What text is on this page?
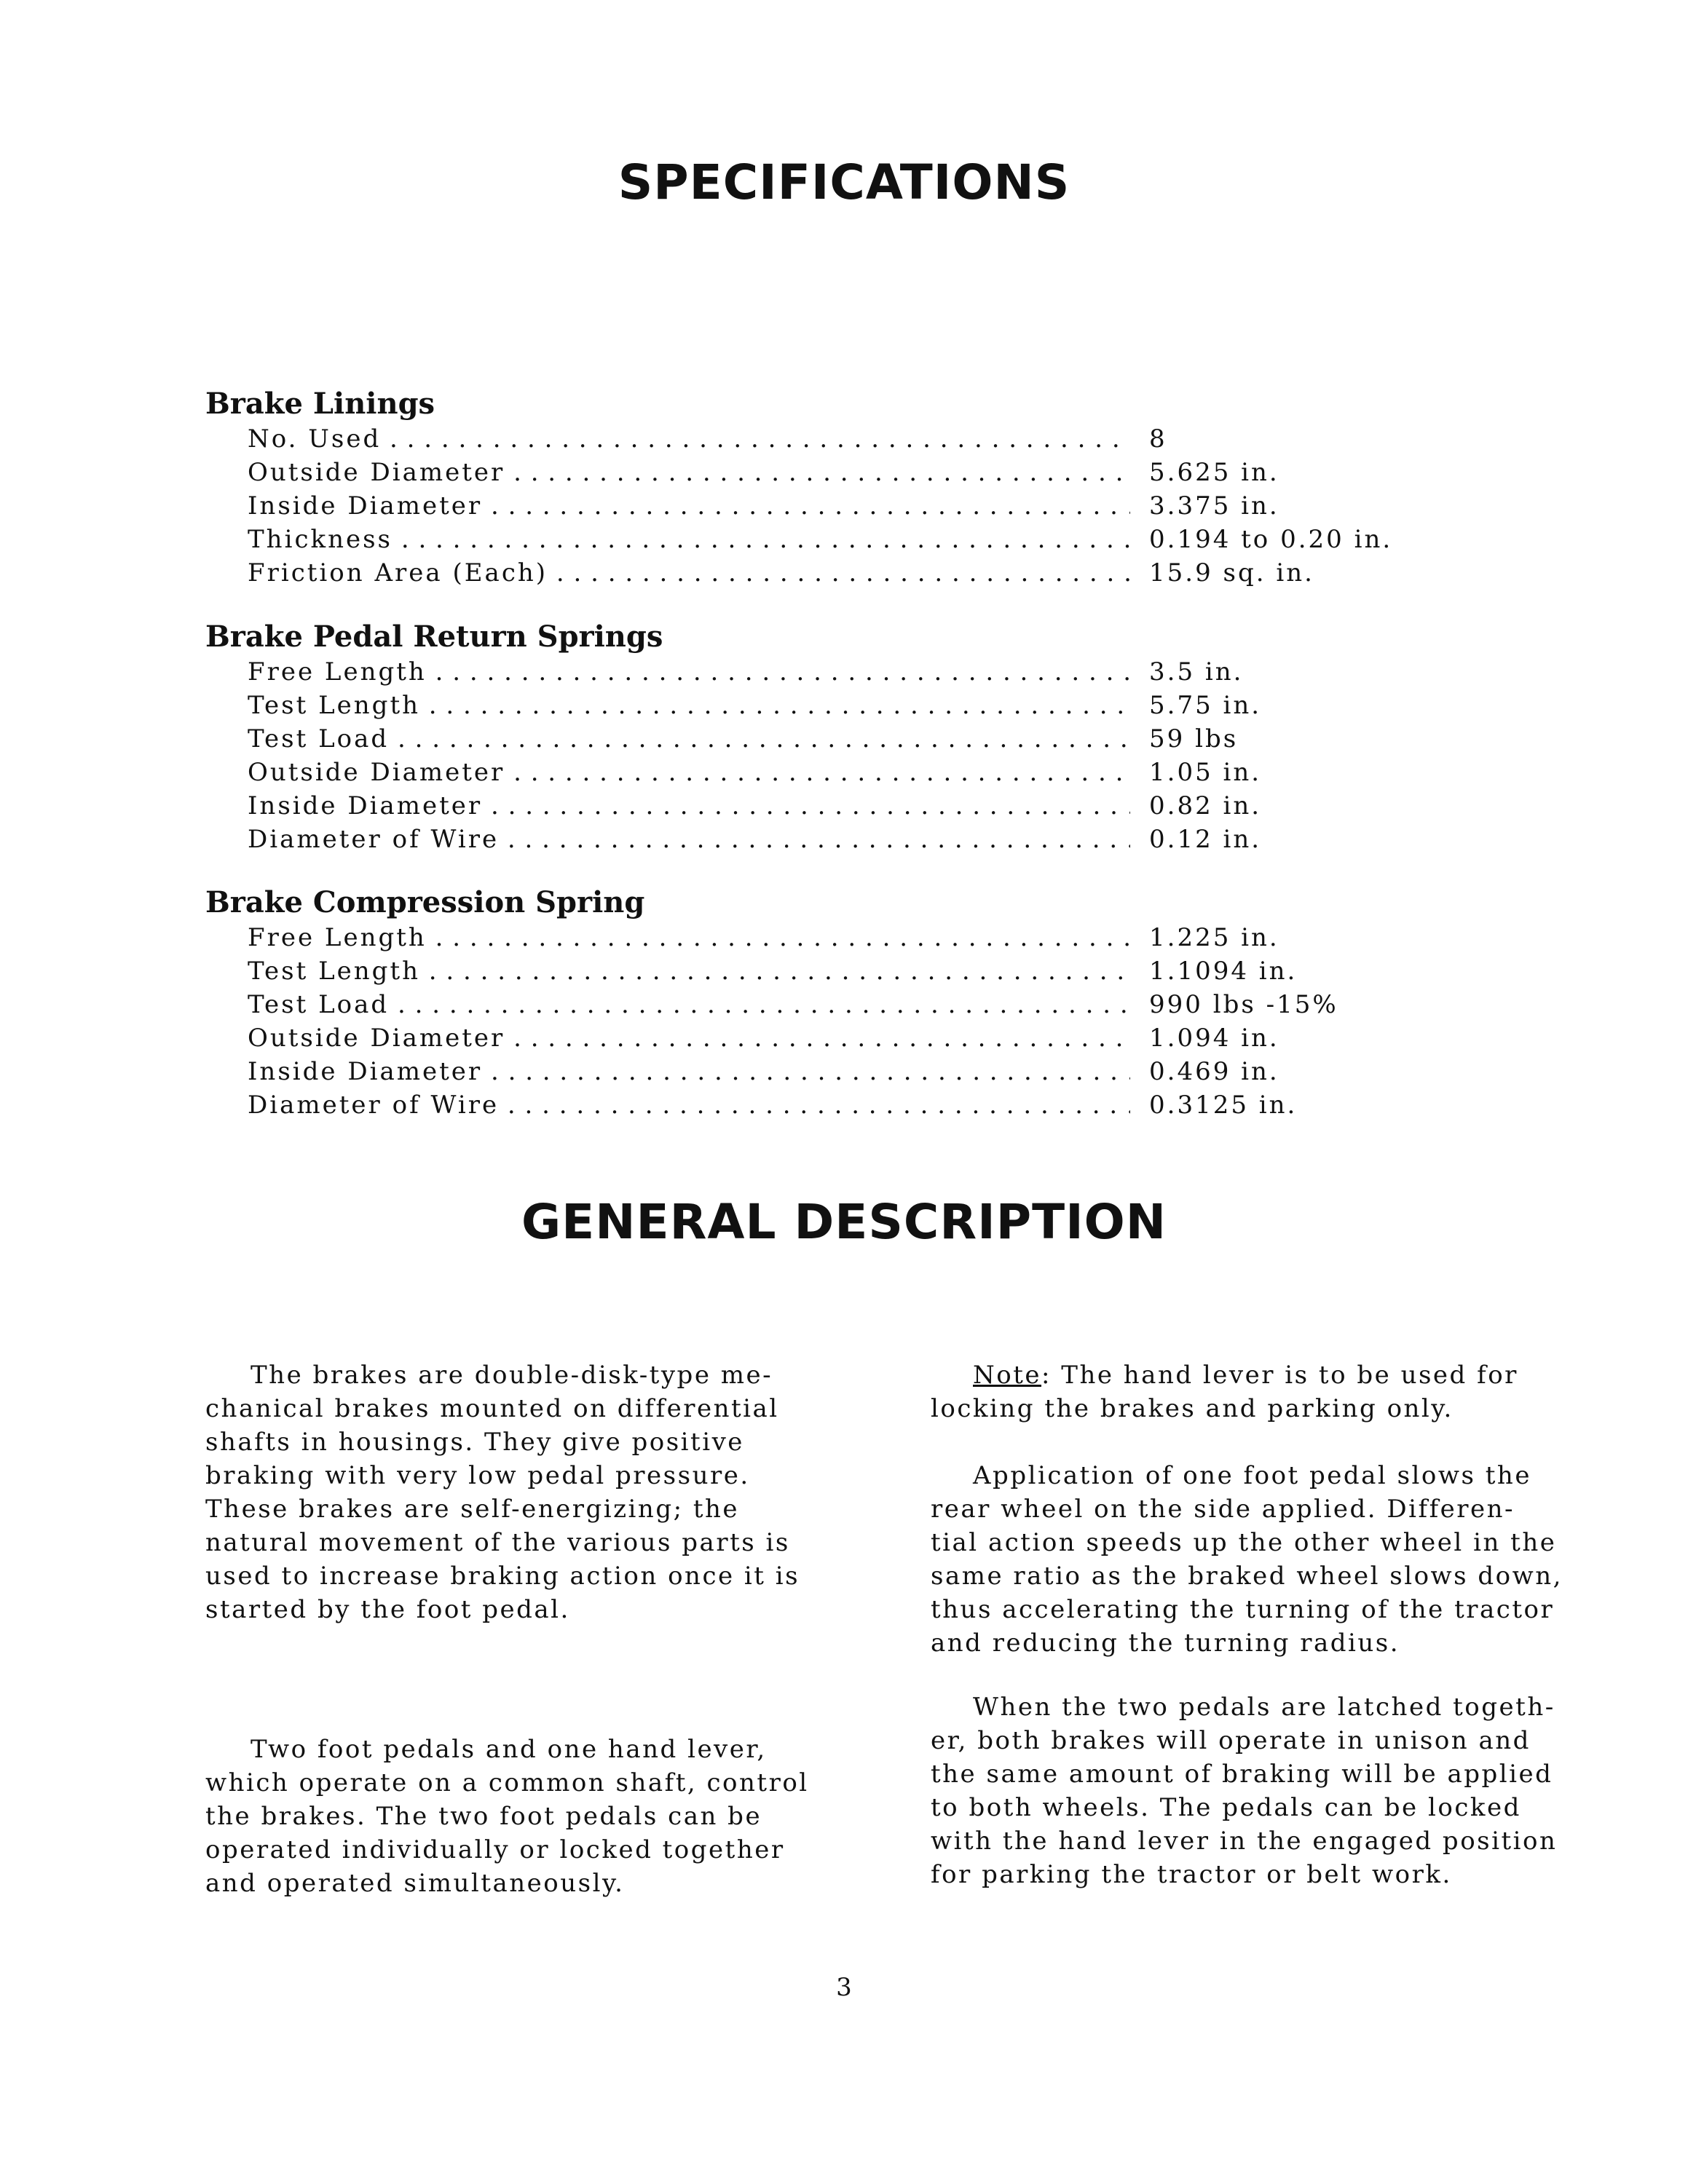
SPECIFICATIONS
Brake Linings
No. Used . . .	8
Outside Diameter . . .	5.625 in.
Inside Diameter . . .	3.375 in.
Thickness . . .	0.194 to 0.20 in.
Friction Area (Each) . . .	15.9 sq. in.
Brake Pedal Return Springs
Free Length . . .	3.5 in.
Test Length . . .	5.75 in.
Test Load . . .	59 lbs
Outside Diameter . . .	1.05 in.
Inside Diameter . . .	0.82 in.
Diameter of Wire . . .	0.12 in.
Brake Compression Spring
Free Length . . .	1.225 in.
Test Length . . .	1.1094 in.
Test Load . . .	990 lbs -15%
Outside Diameter . . .	1.094 in.
Inside Diameter . . .	0.469 in.
Diameter of Wire . . .	0.3125 in.
GENERAL DESCRIPTION
The brakes are double-disk-type me-
chanical brakes mounted on differential
shafts in housings. They give positive
braking with very low pedal pressure.
These brakes are self-energizing; the
natural movement of the various parts is
used to increase braking action once it is
started by the foot pedal.
Two foot pedals and one hand lever,
which operate on a common shaft, control
the brakes. The two foot pedals can be
operated individually or locked together
and operated simultaneously.
Note: The hand lever is to be used for
locking the brakes and parking only.
Application of one foot pedal slows the
rear wheel on the side applied. Differen-
tial action speeds up the other wheel in the
same ratio as the braked wheel slows down,
thus accelerating the turning of the tractor
and reducing the turning radius.
When the two pedals are latched togeth-
er, both brakes will operate in unison and
the same amount of braking will be applied
to both wheels. The pedals can be locked
with the hand lever in the engaged position
for parking the tractor or belt work.
3
